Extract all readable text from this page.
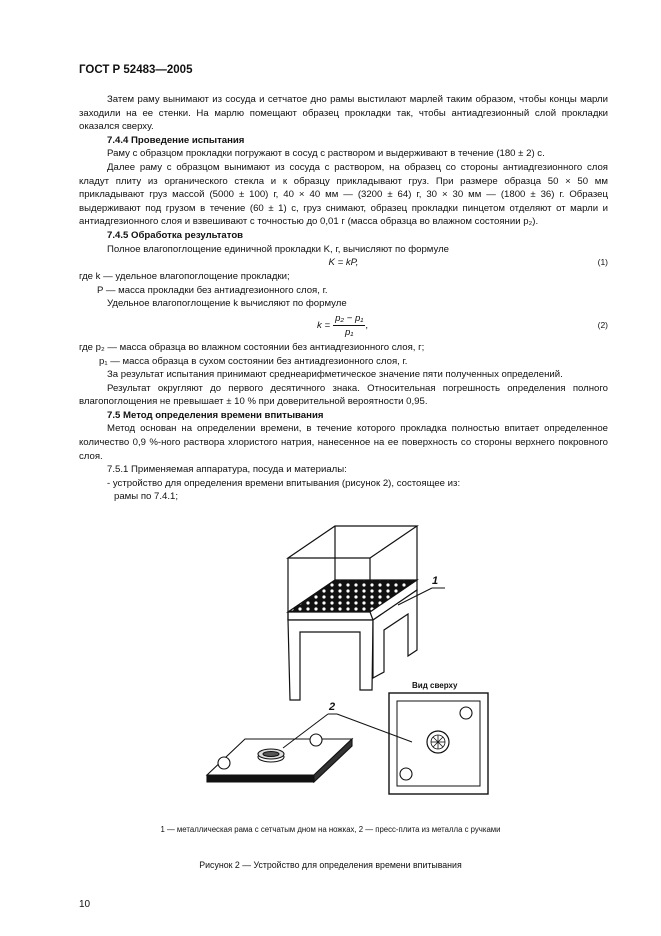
ГОСТ Р 52483—2005

Затем раму вынимают из сосуда и сетчатое дно рамы выстилают марлей таким образом, чтобы концы марли заходили на ее стенки. На марлю помещают образец прокладки так, чтобы антиадгезионный слой прокладки оказался сверху.

7.4.4 Проведение испытания

Раму с образцом прокладки погружают в сосуд с раствором и выдерживают в течение (180 ± 2) с.

Далее раму с образцом вынимают из сосуда с раствором, на образец со стороны антиадгезионного слоя кладут плиту из органического стекла и к образцу прикладывают груз. При размере образца 50 × 50 мм прикладывают груз массой (5000 ± 100) г, 40 × 40 мм — (3200 ± 64) г, 30 × 30 мм — (1800 ± 36) г. Образец выдерживают под грузом в течение (60 ± 1) с, груз снимают, образец прокладки пинцетом отделяют от марли и антиадгезионного слоя и взвешивают с точностью до 0,01 г (масса образца во влажном состоянии p₂).

7.4.5 Обработка результатов

Полное влагопоглощение единичной прокладки K, г, вычисляют по формуле

K = kP,	(1)

где k — удельное влагопоглощение прокладки;

P — масса прокладки без антиадгезионного слоя, г.

Удельное влагопоглощение k вычисляют по формуле

$k = \frac{\text{p₂ − p₁}}{\text{p₁}}$ ,	(2)

где p₂ — масса образца во влажном состоянии без антиадгезионного слоя, г;

p₁ — масса образца в сухом состоянии без антиадгезионного слоя, г.

За результат испытания принимают среднеарифметическое значение пяти полученных определений.

Результат округляют до первого десятичного знака. Относительная погрешность определения полного влагопоглощения не превышает ± 10 % при доверительной вероятности 0,95.

7.5 Метод определения времени впитывания

Метод основан на определении времени, в течение которого прокладка полностью впитает определенное количество 0,9 %-ного раствора хлористого натрия, нанесенное на ее поверхность со стороны верхнего покровного слоя.

7.5.1 Применяемая аппаратура, посуда и материалы:

- устройство для определения времени впитывания (рисунок 2), состоящее из:

рамы по 7.4.1;

1
2
Вид сверху
1 — металлическая рама с сетчатым дном на ножках, 2 — пресс-плита из металла с ручками
Рисунок 2 — Устройство для определения времени впитывания
10
